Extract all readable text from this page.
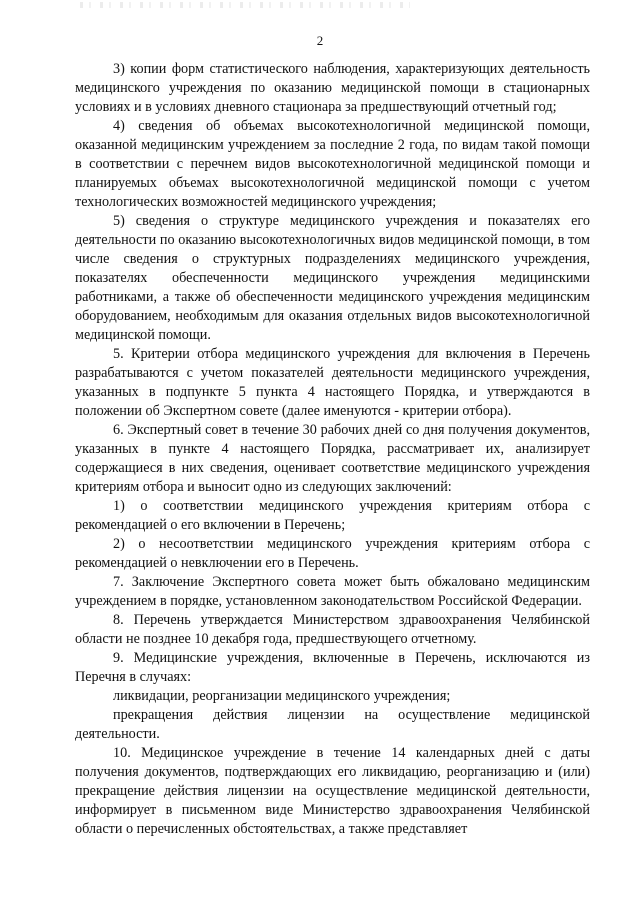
2

3) копии форм статистического наблюдения, характеризующих деятельность медицинского учреждения по оказанию медицинской помощи в стационарных условиях и в условиях дневного стационара за предшествующий отчетный год;

4) сведения об объемах высокотехнологичной медицинской помощи, оказанной медицинским учреждением за последние 2 года, по видам такой помощи в соответствии с перечнем видов высокотехнологичной медицинской помощи и планируемых объемах высокотехнологичной медицинской помощи с учетом технологических возможностей медицинского учреждения;

5) сведения о структуре медицинского учреждения и показателях его деятельности по оказанию высокотехнологичных видов медицинской помощи, в том числе сведения о структурных подразделениях медицинского учреждения, показателях обеспеченности медицинского учреждения медицинскими работниками, а также об обеспеченности медицинского учреждения медицинским оборудованием, необходимым для оказания отдельных видов высокотехнологичной медицинской помощи.

5. Критерии отбора медицинского учреждения для включения в Перечень разрабатываются с учетом показателей деятельности медицинского учреждения, указанных в подпункте 5 пункта 4 настоящего Порядка, и утверждаются в положении об Экспертном совете (далее именуются - критерии отбора).

6. Экспертный совет в течение 30 рабочих дней со дня получения документов, указанных в пункте 4 настоящего Порядка, рассматривает их, анализирует содержащиеся в них сведения, оценивает соответствие медицинского учреждения критериям отбора и выносит одно из следующих заключений:

1) о соответствии медицинского учреждения критериям отбора с рекомендацией о его включении в Перечень;

2) о несоответствии медицинского учреждения критериям отбора с рекомендацией о невключении его в Перечень.

7. Заключение Экспертного совета может быть обжаловано медицинским учреждением в порядке, установленном законодательством Российской Федерации.

8. Перечень утверждается Министерством здравоохранения Челябинской области не позднее 10 декабря года, предшествующего отчетному.

9. Медицинские учреждения, включенные в Перечень, исключаются из Перечня в случаях:

ликвидации, реорганизации медицинского учреждения;

прекращения действия лицензии на осуществление медицинской деятельности.

10. Медицинское учреждение в течение 14 календарных дней с даты получения документов, подтверждающих его ликвидацию, реорганизацию и (или) прекращение действия лицензии на осуществление медицинской деятельности, информирует в письменном виде Министерство здравоохранения Челябинской области о перечисленных обстоятельствах, а также представляет
